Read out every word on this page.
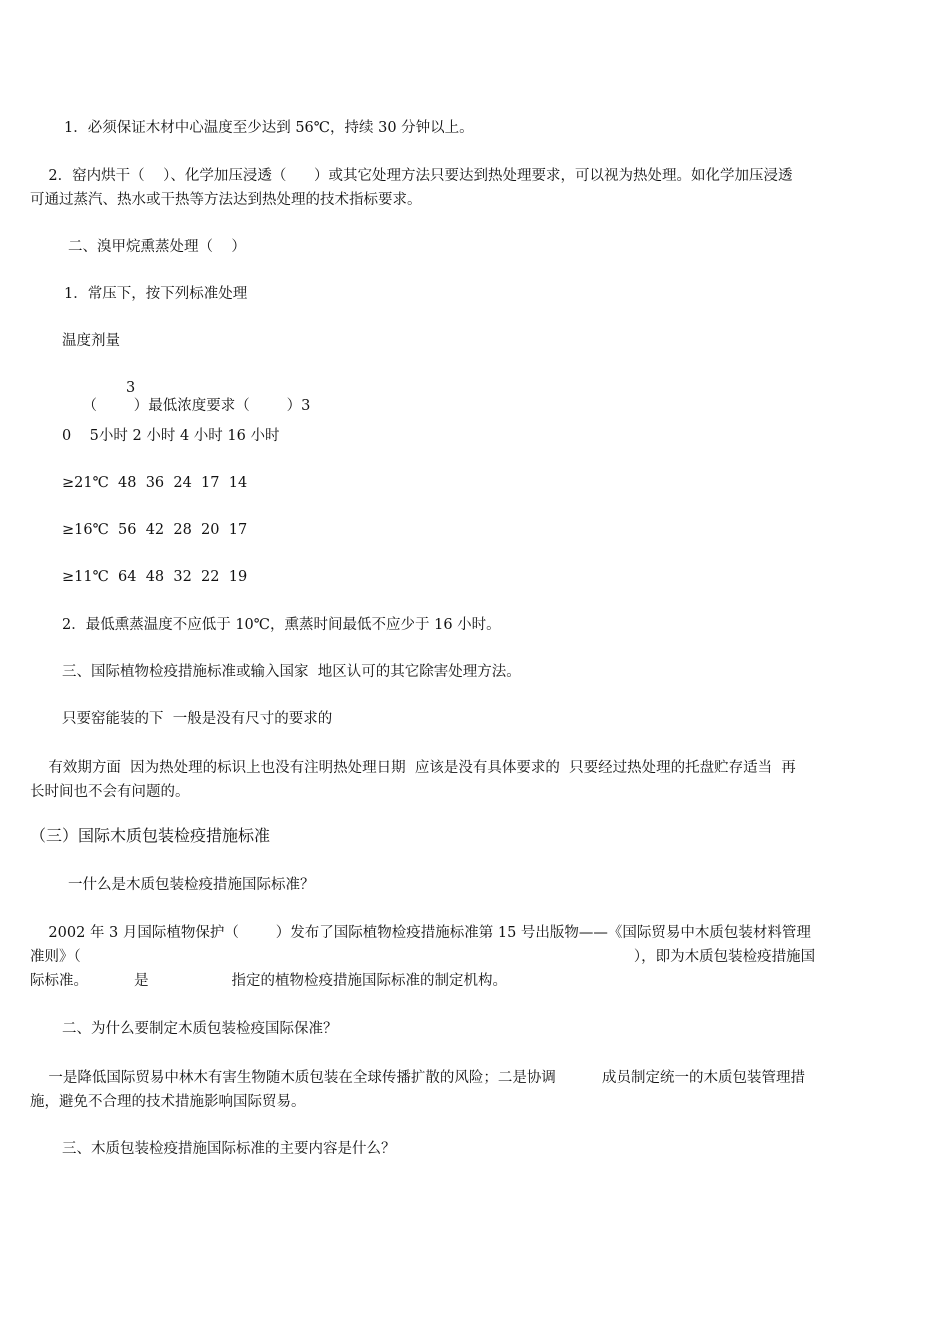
1．必须保证木材中心温度至少达到 56℃，持续 30 分钟以上。
2．窑内烘干（    ）、化学加压浸透（      ）或其它处理方法只要达到热处理要求，可以视为热处理。如化学加压浸透
可通过蒸汽、热水或干热等方法达到热处理的技术指标要求。
二、溴甲烷熏蒸处理（    ）
1．常压下，按下列标准处理
温度剂量

（        ）最低浓度要求（        ）3

3
0    5小时 2 小时 4 小时 16 小时
≥21℃  48  36  24  17  14
≥16℃  56  42  28  20  17
≥11℃  64  48  32  22  19
2．最低熏蒸温度不应低于 10℃，熏蒸时间最低不应少于 16 小时。
三、国际植物检疫措施标准或输入国家  地区认可的其它除害处理方法。
只要窑能装的下  一般是没有尺寸的要求的
有效期方面  因为热处理的标识上也没有注明热处理日期  应该是没有具体要求的  只要经过热处理的托盘贮存适当  再
长时间也不会有问题的。
（三）国际木质包装检疫措施标准
一什么是木质包装检疫措施国际标准？
2002 年 3 月国际植物保护（        ）发布了国际植物检疫措施标准第 15 号出版物——《国际贸易中木质包装材料管理
准则》（                                                                                                                        ），即为木质包装检疫措施国
际标准。          是                  指定的植物检疫措施国际标准的制定机构。
二、为什么要制定木质包装检疫国际保准？
一是降低国际贸易中林木有害生物随木质包装在全球传播扩散的风险；二是协调          成员制定统一的木质包装管理措
施，避免不合理的技术措施影响国际贸易。
三、木质包装检疫措施国际标准的主要内容是什么？
